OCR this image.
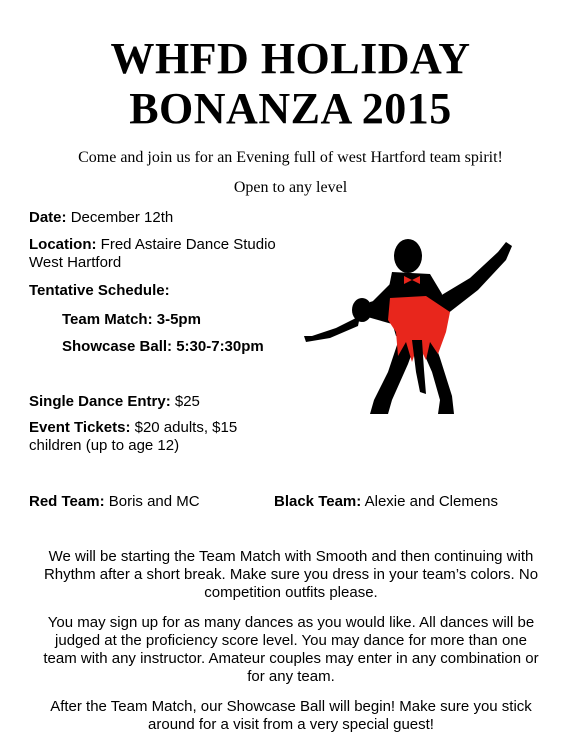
WHFD HOLIDAY
BONANZA 2015
Come and join us for an Evening full of west Hartford team spirit!
Open to any level
Date: December 12th
Location: Fred Astaire Dance Studio
West Hartford
Tentative Schedule:
Team Match: 3-5pm
Showcase Ball: 5:30-7:30pm
Single Dance Entry: $25
Event Tickets: $20 adults, $15
children (up to age 12)
Red Team: Boris and MC	Black Team: Alexie and Clemens
We will be starting the Team Match with Smooth and then continuing with
Rhythm after a short break. Make sure you dress in your team’s colors. No
competition outfits please.
You may sign up for as many dances as you would like. All dances will be
judged at the proficiency score level. You may dance for more than one
team with any instructor. Amateur couples may enter in any combination or
for any team.
After the Team Match, our Showcase Ball will begin! Make sure you stick
around for a visit from a very special guest!
